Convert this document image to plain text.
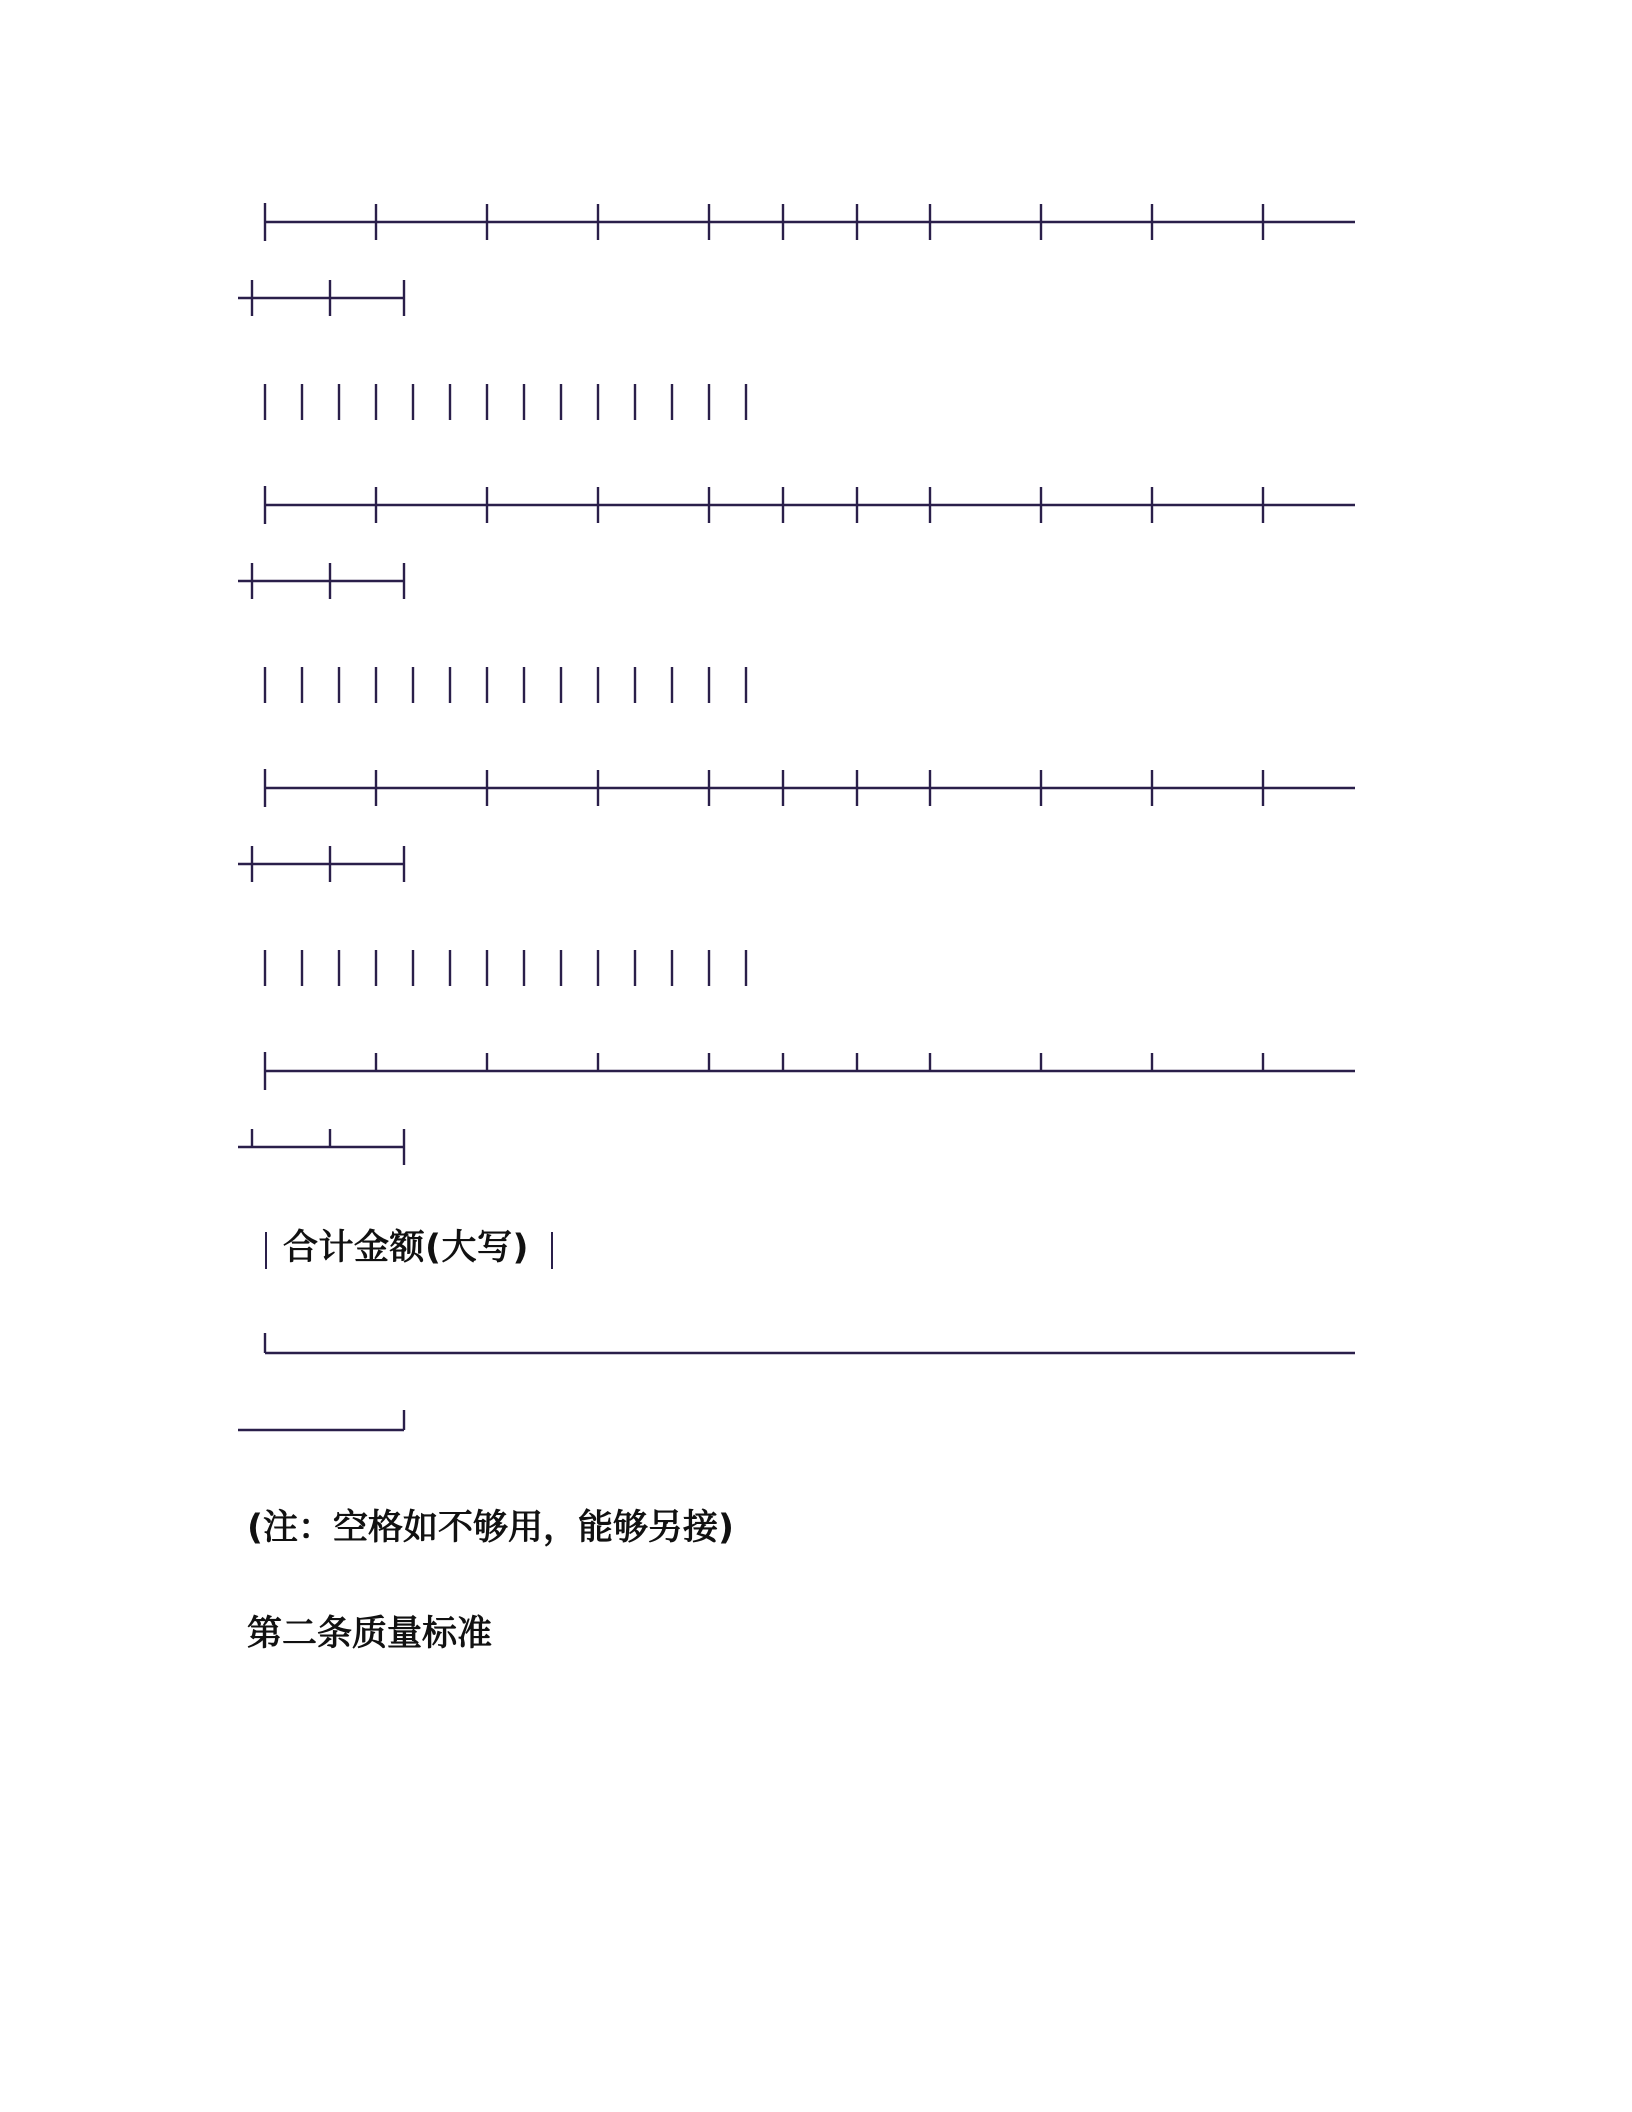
合计金额(大写)

(注：空格如不够用，能够另接)

第二条质量标准
